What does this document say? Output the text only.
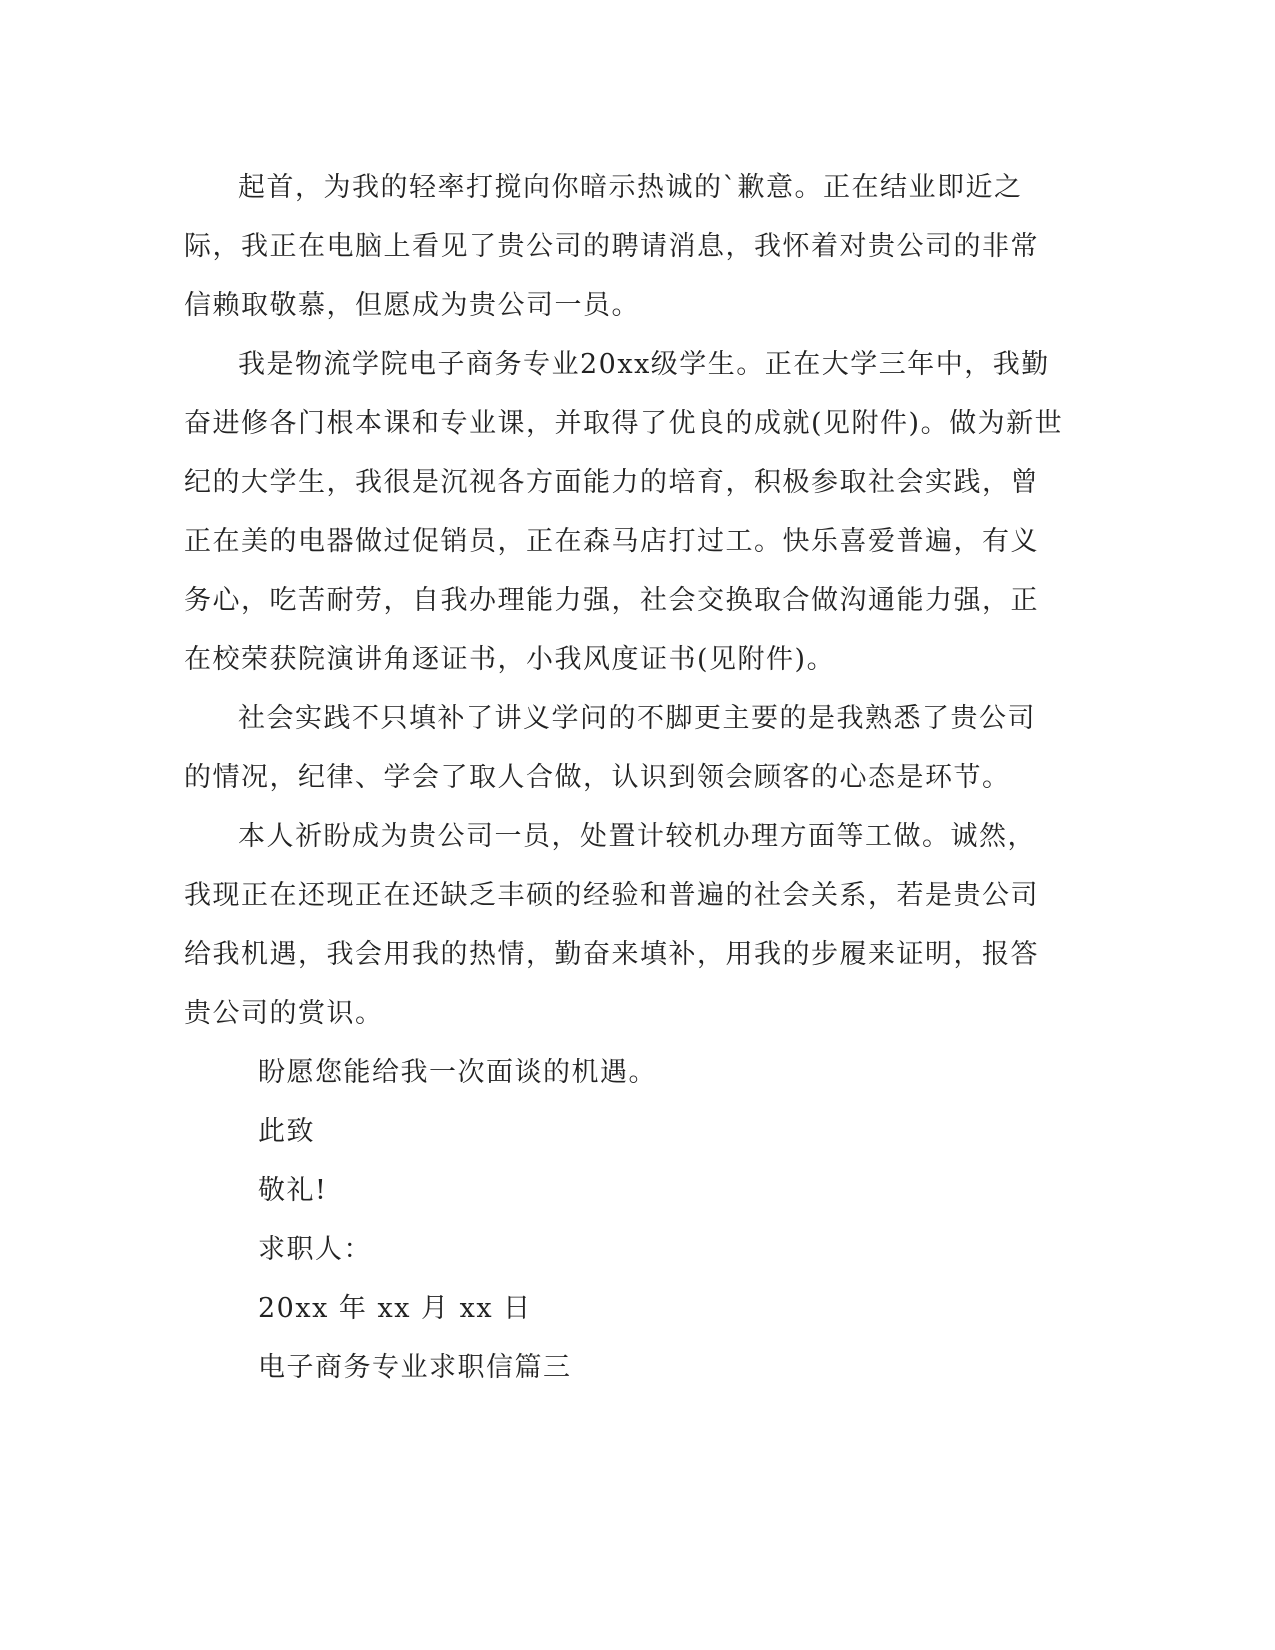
起首，为我的轻率打搅向你暗示热诚的`歉意。正在结业即近之际，我正在电脑上看见了贵公司的聘请消息，我怀着对贵公司的非常信赖取敬慕，但愿成为贵公司一员。

我是物流学院电子商务专业20xx级学生。正在大学三年中，我勤奋进修各门根本课和专业课，并取得了优良的成就(见附件)。做为新世纪的大学生，我很是沉视各方面能力的培育，积极参取社会实践，曾正在美的电器做过促销员，正在森马店打过工。快乐喜爱普遍，有义务心，吃苦耐劳，自我办理能力强，社会交换取合做沟通能力强，正在校荣获院演讲角逐证书，小我风度证书(见附件)。

社会实践不只填补了讲义学问的不脚更主要的是我熟悉了贵公司的情况，纪律、学会了取人合做，认识到领会顾客的心态是环节。

本人祈盼成为贵公司一员，处置计较机办理方面等工做。诚然，我现正在还现正在还缺乏丰硕的经验和普遍的社会关系，若是贵公司给我机遇，我会用我的热情，勤奋来填补，用我的步履来证明，报答贵公司的赏识。

盼愿您能给我一次面谈的机遇。

此致

敬礼!

求职人：

20xx 年 xx 月 xx 日

电子商务专业求职信篇三
